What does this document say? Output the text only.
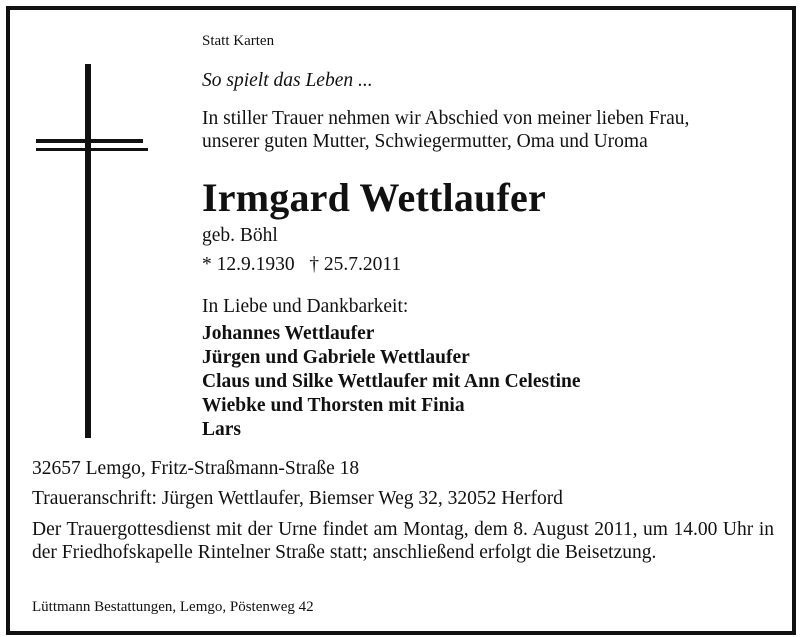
Statt Karten
So spielt das Leben ...
In stiller Trauer nehmen wir Abschied von meiner lieben Frau,
unserer guten Mutter, Schwiegermutter, Oma und Uroma
Irmgard Wettlaufer
geb. Böhl
* 12.9.1930   † 25.7.2011
In Liebe und Dankbarkeit:
Johannes Wettlaufer
Jürgen und Gabriele Wettlaufer
Claus und Silke Wettlaufer mit Ann Celestine
Wiebke und Thorsten mit Finia
Lars
32657 Lemgo, Fritz-Straßmann-Straße 18
Traueranschrift: Jürgen Wettlaufer, Biemser Weg 32, 32052 Herford
Der Trauergottesdienst mit der Urne findet am Montag, dem 8. August 2011, um 14.00 Uhr in der Friedhofskapelle Rintelner Straße statt; anschließend erfolgt die Beisetzung.
Lüttmann Bestattungen, Lemgo, Pöstenweg 42
